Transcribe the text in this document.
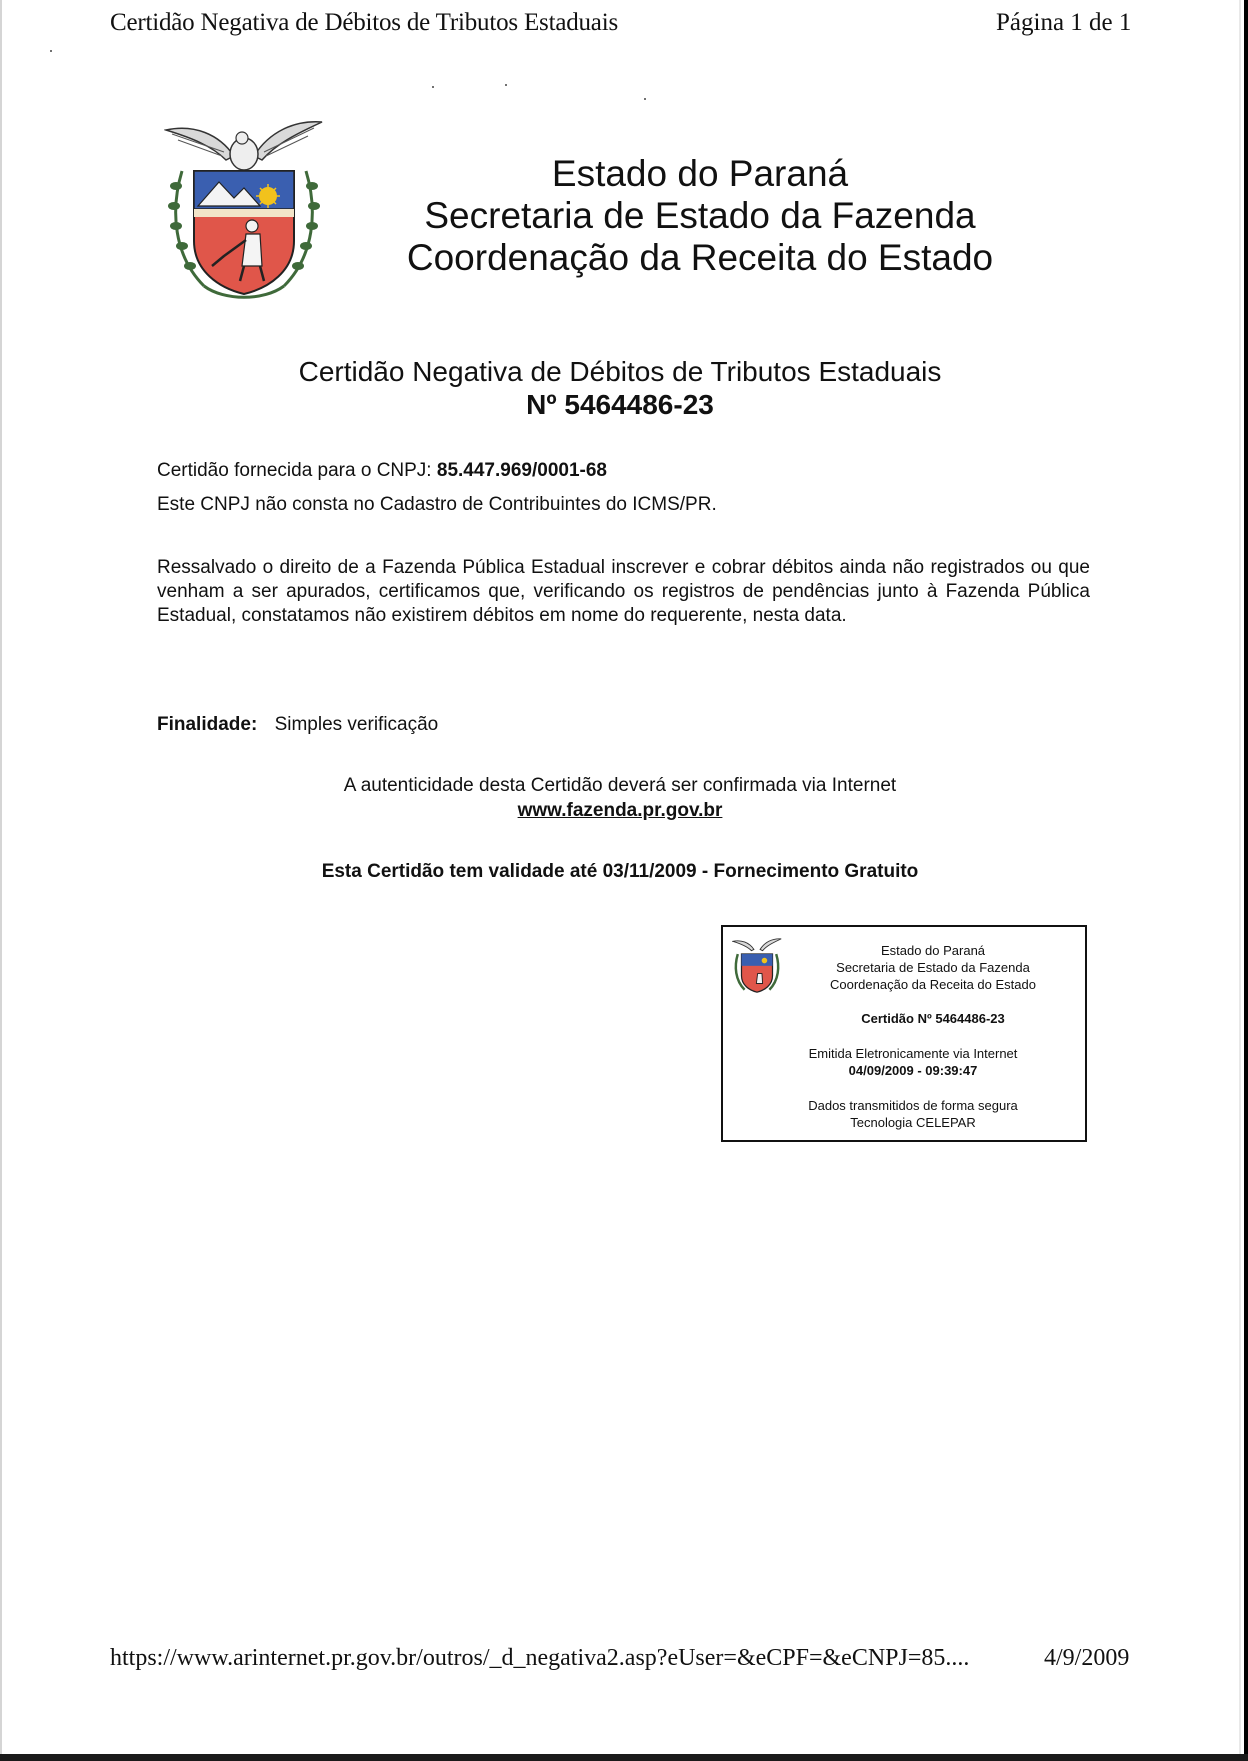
Certidão Negativa de Débitos de Tributos Estaduais	Página 1 de 1
Estado do Paraná
Secretaria de Estado da Fazenda
Coordenação da Receita do Estado
Certidão Negativa de Débitos de Tributos Estaduais
Nº 5464486-23
Certidão fornecida para o CNPJ: 85.447.969/0001-68
Este CNPJ não consta no Cadastro de Contribuintes do ICMS/PR.
Ressalvado o direito de a Fazenda Pública Estadual inscrever e cobrar débitos ainda não registrados ou que venham a ser apurados, certificamos que, verificando os registros de pendências junto à Fazenda Pública Estadual, constatamos não existirem débitos em nome do requerente, nesta data.
Finalidade: Simples verificação
A autenticidade desta Certidão deverá ser confirmada via Internet
www.fazenda.pr.gov.br
Esta Certidão tem validade até 03/11/2009 - Fornecimento Gratuito
Estado do Paraná
Secretaria de Estado da Fazenda
Coordenação da Receita do Estado
Certidão Nº 5464486-23
Emitida Eletronicamente via Internet
04/09/2009 - 09:39:47
Dados transmitidos de forma segura
Tecnologia CELEPAR
https://www.arinternet.pr.gov.br/outros/_d_negativa2.asp?eUser=&eCPF=&eCNPJ=85....	4/9/2009
